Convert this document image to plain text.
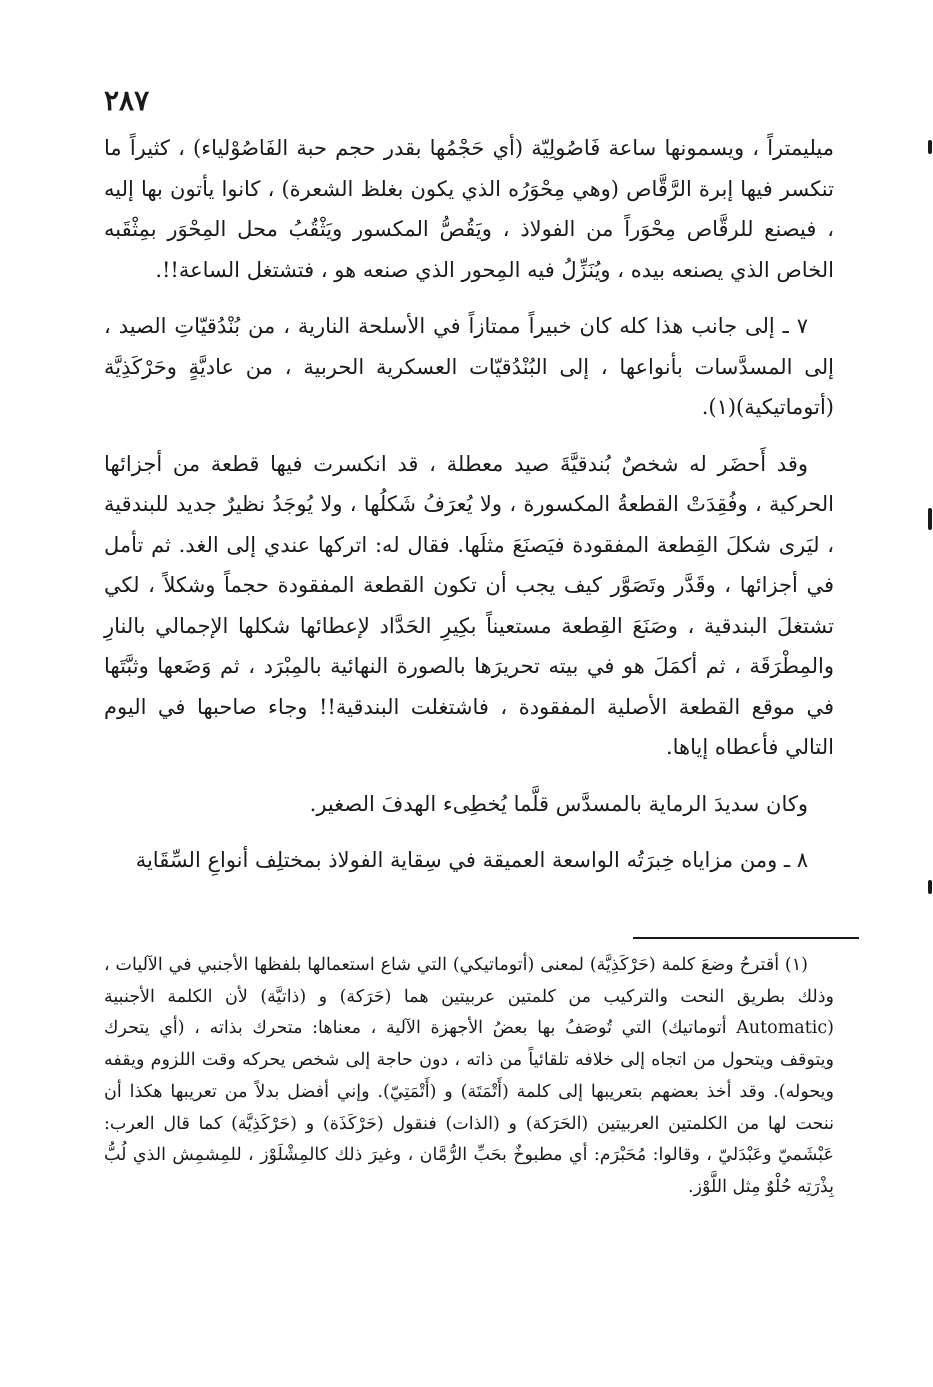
٢٨٧

ميليمتراً ، ويسمونها ساعة فَاصُولِيّة (أي حَجْمُها بقدر حجم حبة الفَاصُوْلياء) ، كثيراً ما تنكسر فيها إبرة الرَّقَّاص (وهي مِحْوَرُه الذي يكون بغلظ الشعرة) ، كانوا يأتون بها إليه ، فيصنع للرقَّاص مِحْوَراً من الفولاذ ، ويَقُصُّ المكسور ويَثْقُبُ محل المِحْوَر بمِثْقَبه الخاص الذي يصنعه بيده ، ويُنَزِّلُ فيه المِحور الذي صنعه هو ، فتشتغل الساعة!!.

٧ ـ إلى جانب هذا كله كان خبيراً ممتازاً في الأسلحة النارية ، من بُنْدُقيّاتِ الصيد ، إلى المسدَّسات بأنواعها ، إلى البُنْدُقيّات العسكرية الحربية ، من عاديَّةٍ وحَرْكَذِيَّة (أتوماتيكية)(١).

وقد أَحضَر له شخصٌ بُندقيَّةَ صيد معطلة ، قد انكسرت فيها قطعة من أجزائها الحركية ، وفُقِدَتْ القطعةُ المكسورة ، ولا يُعرَفُ شَكلُها ، ولا يُوجَدُ نظيرٌ جديد للبندقية ، ليَرى شكلَ القِطعة المفقودة فيَصنَعَ مثلَها. فقال له: اتركها عندي إلى الغد. ثم تأمل في أجزائها ، وقَدَّر وتَصَوَّر كيف يجب أن تكون القطعة المفقودة حجماً وشكلاً ، لكي تشتغلَ البندقية ، وصَنَعَ القِطعة مستعيناً بكِيرِ الحَدَّاد لإعطائها شكلها الإجمالي بالنارِ والمِطْرَقَة ، ثم أكمَلَ هو في بيته تحريرَها بالصورة النهائية بالمِبْرَد ، ثم وَضَعها وثبَّتَها في موقع القطعة الأصلية المفقودة ، فاشتغلت البندقية!! وجاء صاحبها في اليوم التالي فأعطاه إياها.

وكان سديدَ الرماية بالمسدَّس قلَّما يُخطِىء الهدفَ الصغير.

٨ ـ ومن مزاياه خِبرَتُه الواسعة العميقة في سِقاية الفولاذ بمختلِف أنواعِ السِّقَاية

(١) أقترحُ وضعَ كلمة (حَرْكَذِيَّة) لمعنى (أتوماتيكي) التي شاع استعمالها بلفظها الأجنبي في الآليات ، وذلك بطريق النحت والتركيب من كلمتين عربيتين هما (حَرَكة) و (ذاتيَّة) لأن الكلمة الأجنبية (Automatic أتوماتيك) التي تُوصَفُ بها بعضُ الأجهزة الآلية ، معناها: متحرك بذاته ، (أي يتحرك ويتوقف ويتحول من اتجاه إلى خلافه تلقائياً من ذاته ، دون حاجة إلى شخص يحركه وقت اللزوم ويقفه ويحوله). وقد أخذ بعضهم بتعريبها إلى كلمة (أَتْمَتَة) و (أَتْمَتِيّ). وإني أفضل بدلاً من تعريبها هكذا أن ننحت لها من الكلمتين العربيتين (الحَرَكة) و (الذات) فنقول (حَرْكَذَة) و (حَرْكَذِيَّة) كما قال العرب: عَبْشَميّ وعَبْدَليّ ، وقالوا: مُحَبْرَم: أي مطبوخٌ بحَبِّ الرُّمَّان ، وغيرَ ذلك كالمِشْلَوْز ، للمِشمِش الذي لُبُّ بِذْرَتِه حُلْوٌ مِثل اللَّوْز.
